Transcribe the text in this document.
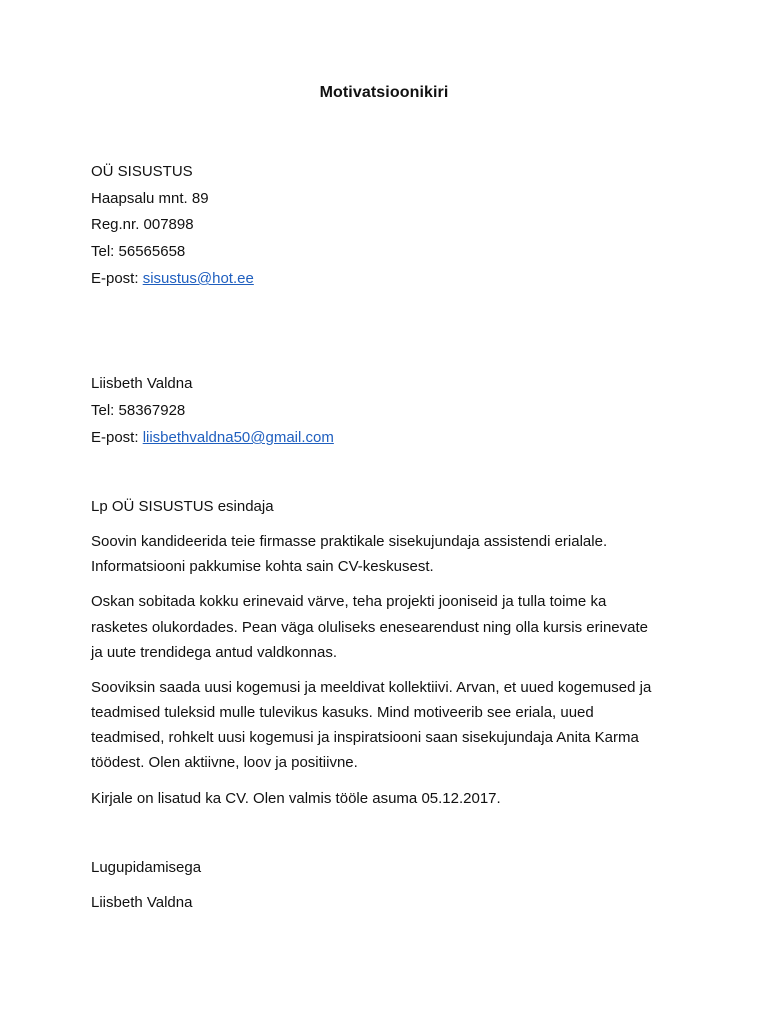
Motivatsioonikiri
OÜ SISUSTUS
Haapsalu mnt. 89
Reg.nr. 007898
Tel: 56565658
E-post: sisustus@hot.ee
Liisbeth Valdna
Tel: 58367928
E-post: liisbethvaldna50@gmail.com
Lp OÜ SISUSTUS esindaja
Soovin kandideerida teie firmasse praktikale sisekujundaja assistendi erialale.
Informatsiooni pakkumise kohta sain CV-keskusest.
Oskan sobitada kokku erinevaid värve, teha projekti jooniseid ja tulla toime ka
rasketes olukordades. Pean väga oluliseks enesearendust ning olla kursis erinevate
ja uute trendidega antud valdkonnas.
Sooviksin saada uusi kogemusi ja meeldivat kollektiivi. Arvan, et uued kogemused ja
teadmised tuleksid mulle tulevikus kasuks. Mind motiveerib see eriala, uued
teadmised, rohkelt uusi kogemusi ja inspiratsiooni saan sisekujundaja Anita Karma
töödest. Olen aktiivne, loov ja positiivne.
Kirjale on lisatud ka CV. Olen valmis tööle asuma 05.12.2017.
Lugupidamisega
Liisbeth Valdna
